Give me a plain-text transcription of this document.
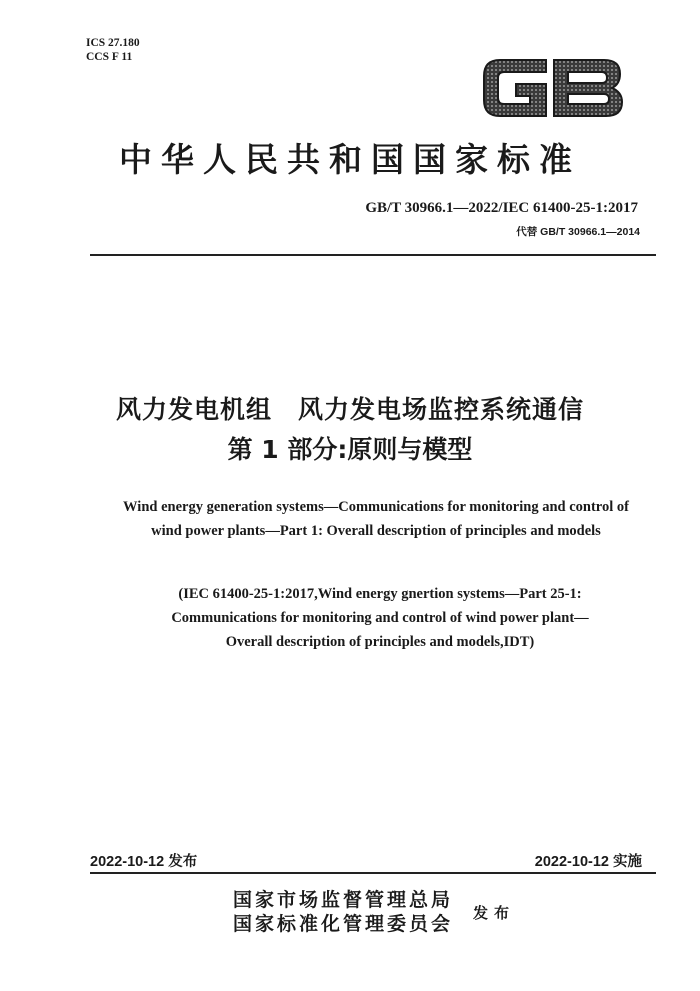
ICS 27.180
CCS F 11
中华人民共和国国家标准
GB/T 30966.1—2022/IEC 61400-25-1:2017
代替 GB/T 30966.1—2014
风力发电机组　风力发电场监控系统通信
第 1 部分:原则与模型
Wind energy generation systems—Communications for monitoring and control of
wind power plants—Part 1: Overall description of principles and models
(IEC 61400-25-1:2017,Wind energy gnertion systems—Part 25-1:
Communications for monitoring and control of wind power plant—
Overall description of principles and models,IDT)
2022-10-12 发布	2022-10-12 实施
国家市场监督管理总局
国家标准化管理委员会 发布
